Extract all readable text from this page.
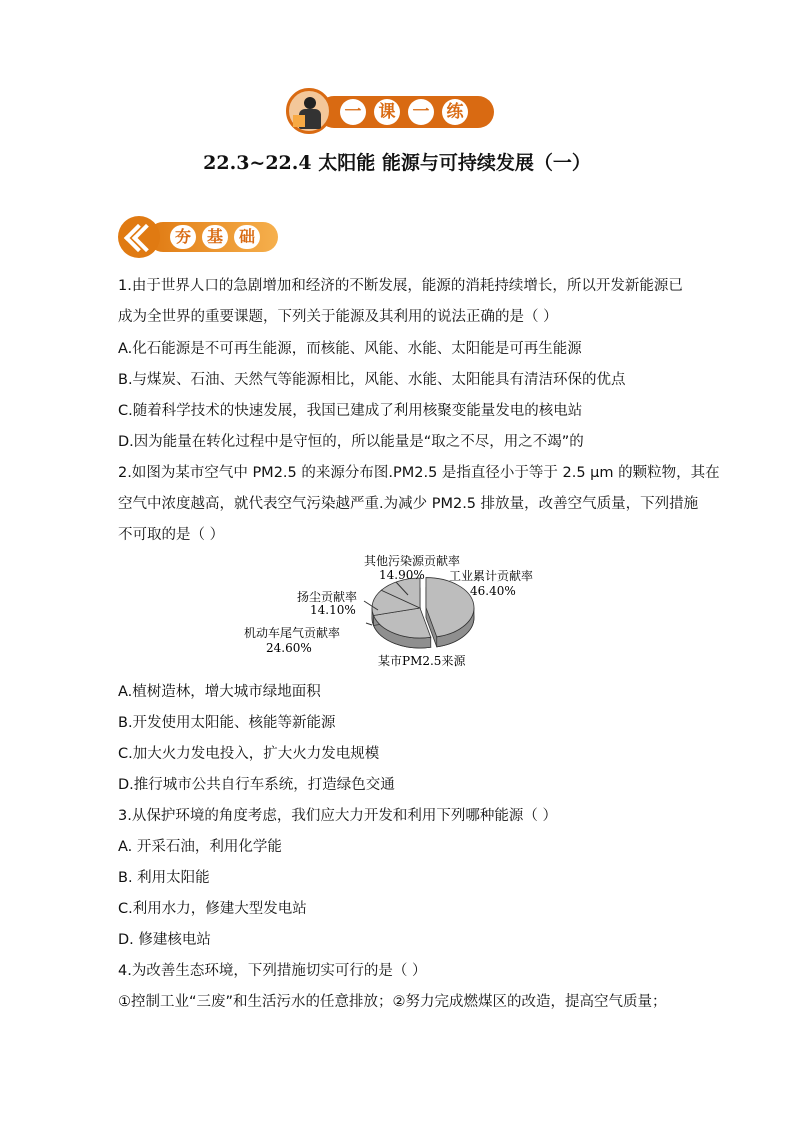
一 课 一 练
22.3~22.4 太阳能 能源与可持续发展（一）
夯 基 础
1.由于世界人口的急剧增加和经济的不断发展，能源的消耗持续增长，所以开发新能源已
成为全世界的重要课题，下列关于能源及其利用的说法正确的是（ ）
A.化石能源是不可再生能源，而核能、风能、水能、太阳能是可再生能源
B.与煤炭、石油、天然气等能源相比，风能、水能、太阳能具有清洁环保的优点
C.随着科学技术的快速发展，我国已建成了利用核聚变能量发电的核电站
D.因为能量在转化过程中是守恒的，所以能量是“取之不尽，用之不竭”的
2.如图为某市空气中 PM2.5 的来源分布图.PM2.5 是指直径小于等于 2.5 μm 的颗粒物，其在
空气中浓度越高，就代表空气污染越严重.为减少 PM2.5 排放量，改善空气质量，下列措施
不可取的是（ ）
其他污染源贡献率
14.90% 工业累计贡献率
46.40%
扬尘贡献率
14.10%
机动车尾气贡献率
24.60%
某市PM2.5来源
A.植树造林，增大城市绿地面积
B.开发使用太阳能、核能等新能源
C.加大火力发电投入，扩大火力发电规模
D.推行城市公共自行车系统，打造绿色交通
3.从保护环境的角度考虑，我们应大力开发和利用下列哪种能源（ ）
A. 开采石油，利用化学能
B. 利用太阳能
C.利用水力，修建大型发电站
D. 修建核电站
4.为改善生态环境，下列措施切实可行的是（ ）
①控制工业“三废”和生活污水的任意排放；②努力完成燃煤区的改造，提高空气质量；
